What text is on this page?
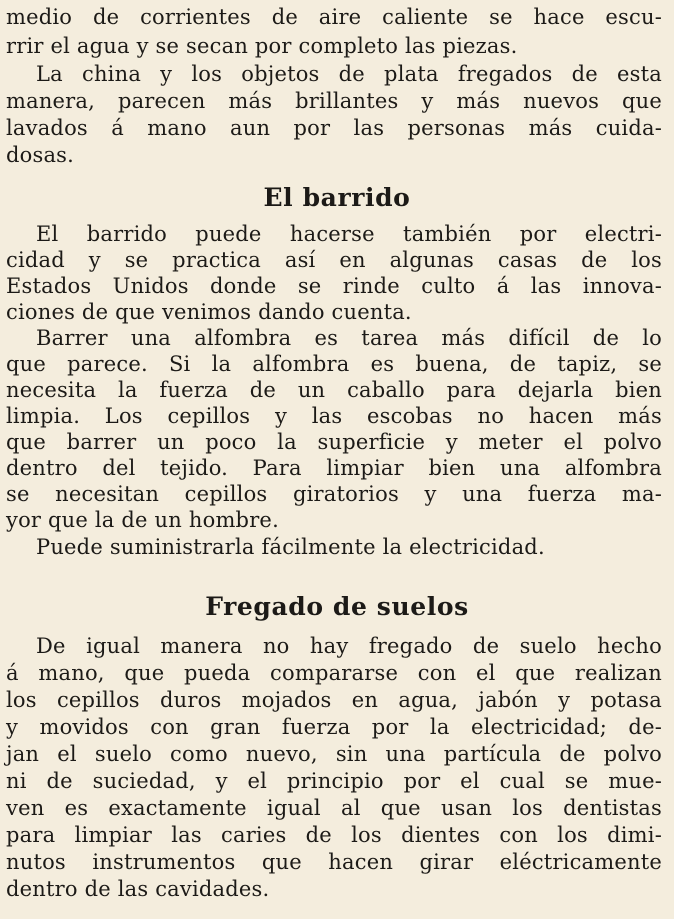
medio de corrientes de aire caliente se hace escu-
rrir el agua y se secan por completo las piezas.
La china y los objetos de plata fregados de esta
manera, parecen más brillantes y más nuevos que
lavados á mano aun por las personas más cuida-
dosas.
El barrido
El barrido puede hacerse también por electri-
cidad y se practica así en algunas casas de los
Estados Unidos donde se rinde culto á las innova-
ciones de que venimos dando cuenta.
Barrer una alfombra es tarea más difícil de lo
que parece. Si la alfombra es buena, de tapiz, se
necesita la fuerza de un caballo para dejarla bien
limpia. Los cepillos y las escobas no hacen más
que barrer un poco la superficie y meter el polvo
dentro del tejido. Para limpiar bien una alfombra
se necesitan cepillos giratorios y una fuerza ma-
yor que la de un hombre.
Puede suministrarla fácilmente la electricidad.
Fregado de suelos
De igual manera no hay fregado de suelo hecho
á mano, que pueda compararse con el que realizan
los cepillos duros mojados en agua, jabón y potasa
y movidos con gran fuerza por la electricidad; de-
jan el suelo como nuevo, sin una partícula de polvo
ni de suciedad, y el principio por el cual se mue-
ven es exactamente igual al que usan los dentistas
para limpiar las caries de los dientes con los dimi-
nutos instrumentos que hacen girar eléctricamente
dentro de las cavidades.
